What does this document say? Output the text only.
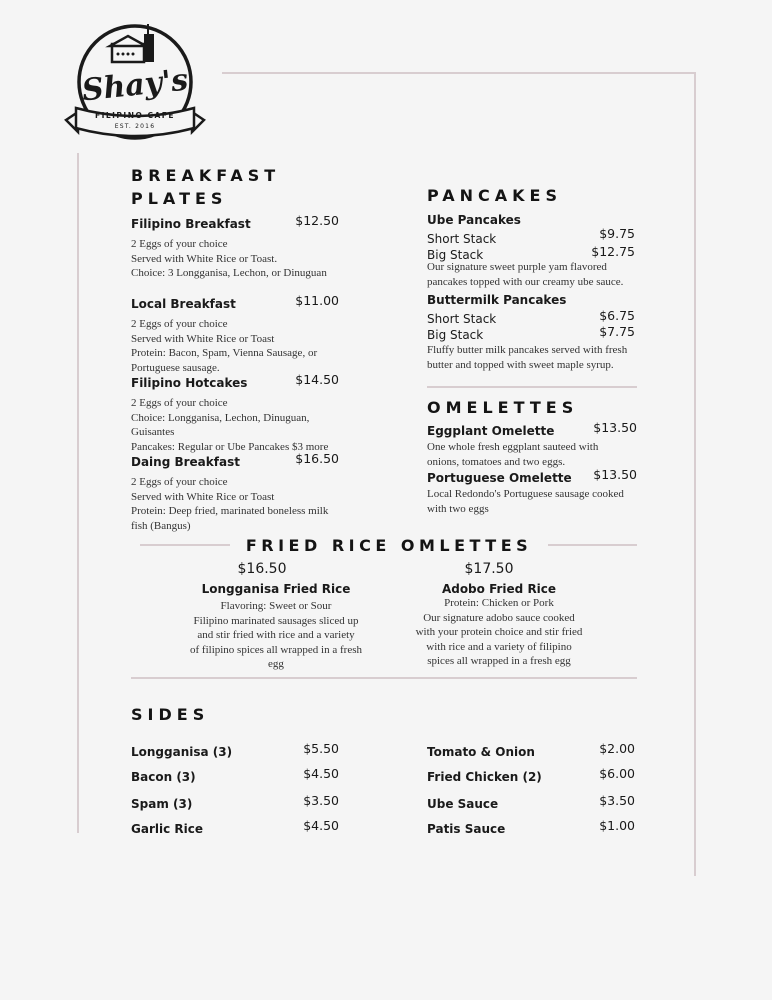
Shay's
FILIPINO CAFE
EST. 2016
BREAKFAST
PLATES
Filipino Breakfast	$12.50
2 Eggs of your choice
Served with White Rice or Toast.
Choice: 3 Longganisa, Lechon, or Dinuguan
Local Breakfast	$11.00
2 Eggs of your choice
Served with White Rice or Toast
Protein: Bacon, Spam, Vienna Sausage, or
Portuguese sausage.
Filipino Hotcakes	$14.50
2 Eggs of your choice
Choice: Longganisa, Lechon, Dinuguan,
Guisantes
Pancakes: Regular or Ube Pancakes $3 more
Daing Breakfast	$16.50
2 Eggs of your choice
Served with White Rice or Toast
Protein: Deep fried, marinated boneless milk
fish (Bangus)
PANCAKES
Ube Pancakes
Short Stack	$9.75
Big Stack	$12.75
Our signature sweet purple yam flavored
pancakes topped with our creamy ube sauce.
Buttermilk Pancakes
Short Stack	$6.75
Big Stack	$7.75
Fluffy butter milk pancakes served with fresh
butter and topped with sweet maple syrup.
OMELETTES
Eggplant Omelette	$13.50
One whole fresh eggplant sauteed with
onions, tomatoes and two eggs.
Portuguese Omelette $13.50
Local Redondo's Portuguese sausage cooked
with two eggs
FRIED RICE OMLETTES
$16.50
Longganisa Fried Rice
Flavoring: Sweet or Sour
Filipino marinated sausages sliced up
and stir fried with rice and a variety
of filipino spices all wrapped in a fresh
egg
$17.50
Adobo Fried Rice
Protein: Chicken or Pork
Our signature adobo sauce cooked
with your protein choice and stir fried
with rice and a variety of filipino
spices all wrapped in a fresh egg
SIDES
Longganisa (3)	$5.50
Bacon (3)	$4.50
Spam (3)	$3.50
Garlic Rice	$4.50
Tomato & Onion	$2.00
Fried Chicken (2)	$6.00
Ube Sauce	$3.50
Patis Sauce	$1.00
